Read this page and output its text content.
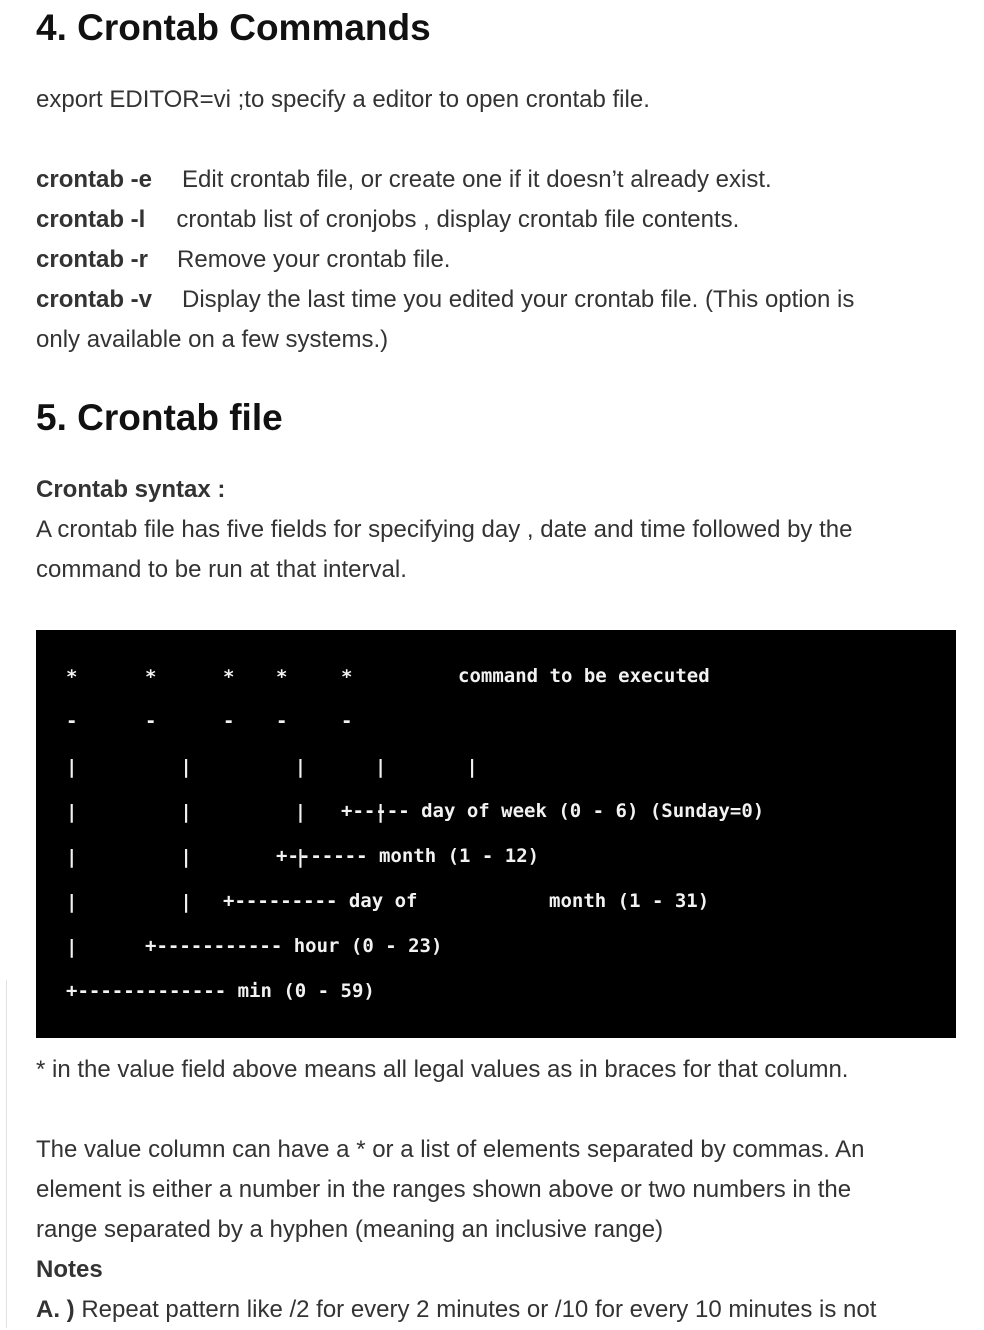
4. Crontab Commands

export EDITOR=vi ;to specify a editor to open crontab file.

crontab -e Edit crontab file, or create one if it doesn’t already exist.

crontab -l crontab list of cronjobs , display crontab file contents.

crontab -r Remove your crontab file.

crontab -v Display the last time you edited your crontab file. (This option is

only available on a few systems.)

5. Crontab file

Crontab syntax :

A crontab file has five fields for specifying day , date and time followed by the

command to be run at that interval.

*	*	* *	*	command to be executed
-	-	- -	-
|         |         |      |       |
|         |         |      |
+----- day of week (0 - 6) (Sunday=0)
|         |         |
+------- month (1 - 12)
|         | +--------- day of	month (1 - 31)
|	+----------- hour (0 - 23)
+------------- min (0 - 59)

* in the value field above means all legal values as in braces for that column.

The value column can have a * or a list of elements separated by commas. An

element is either a number in the ranges shown above or two numbers in the

range separated by a hyphen (meaning an inclusive range)

Notes

A. ) Repeat pattern like /2 for every 2 minutes or /10 for every 10 minutes is not
